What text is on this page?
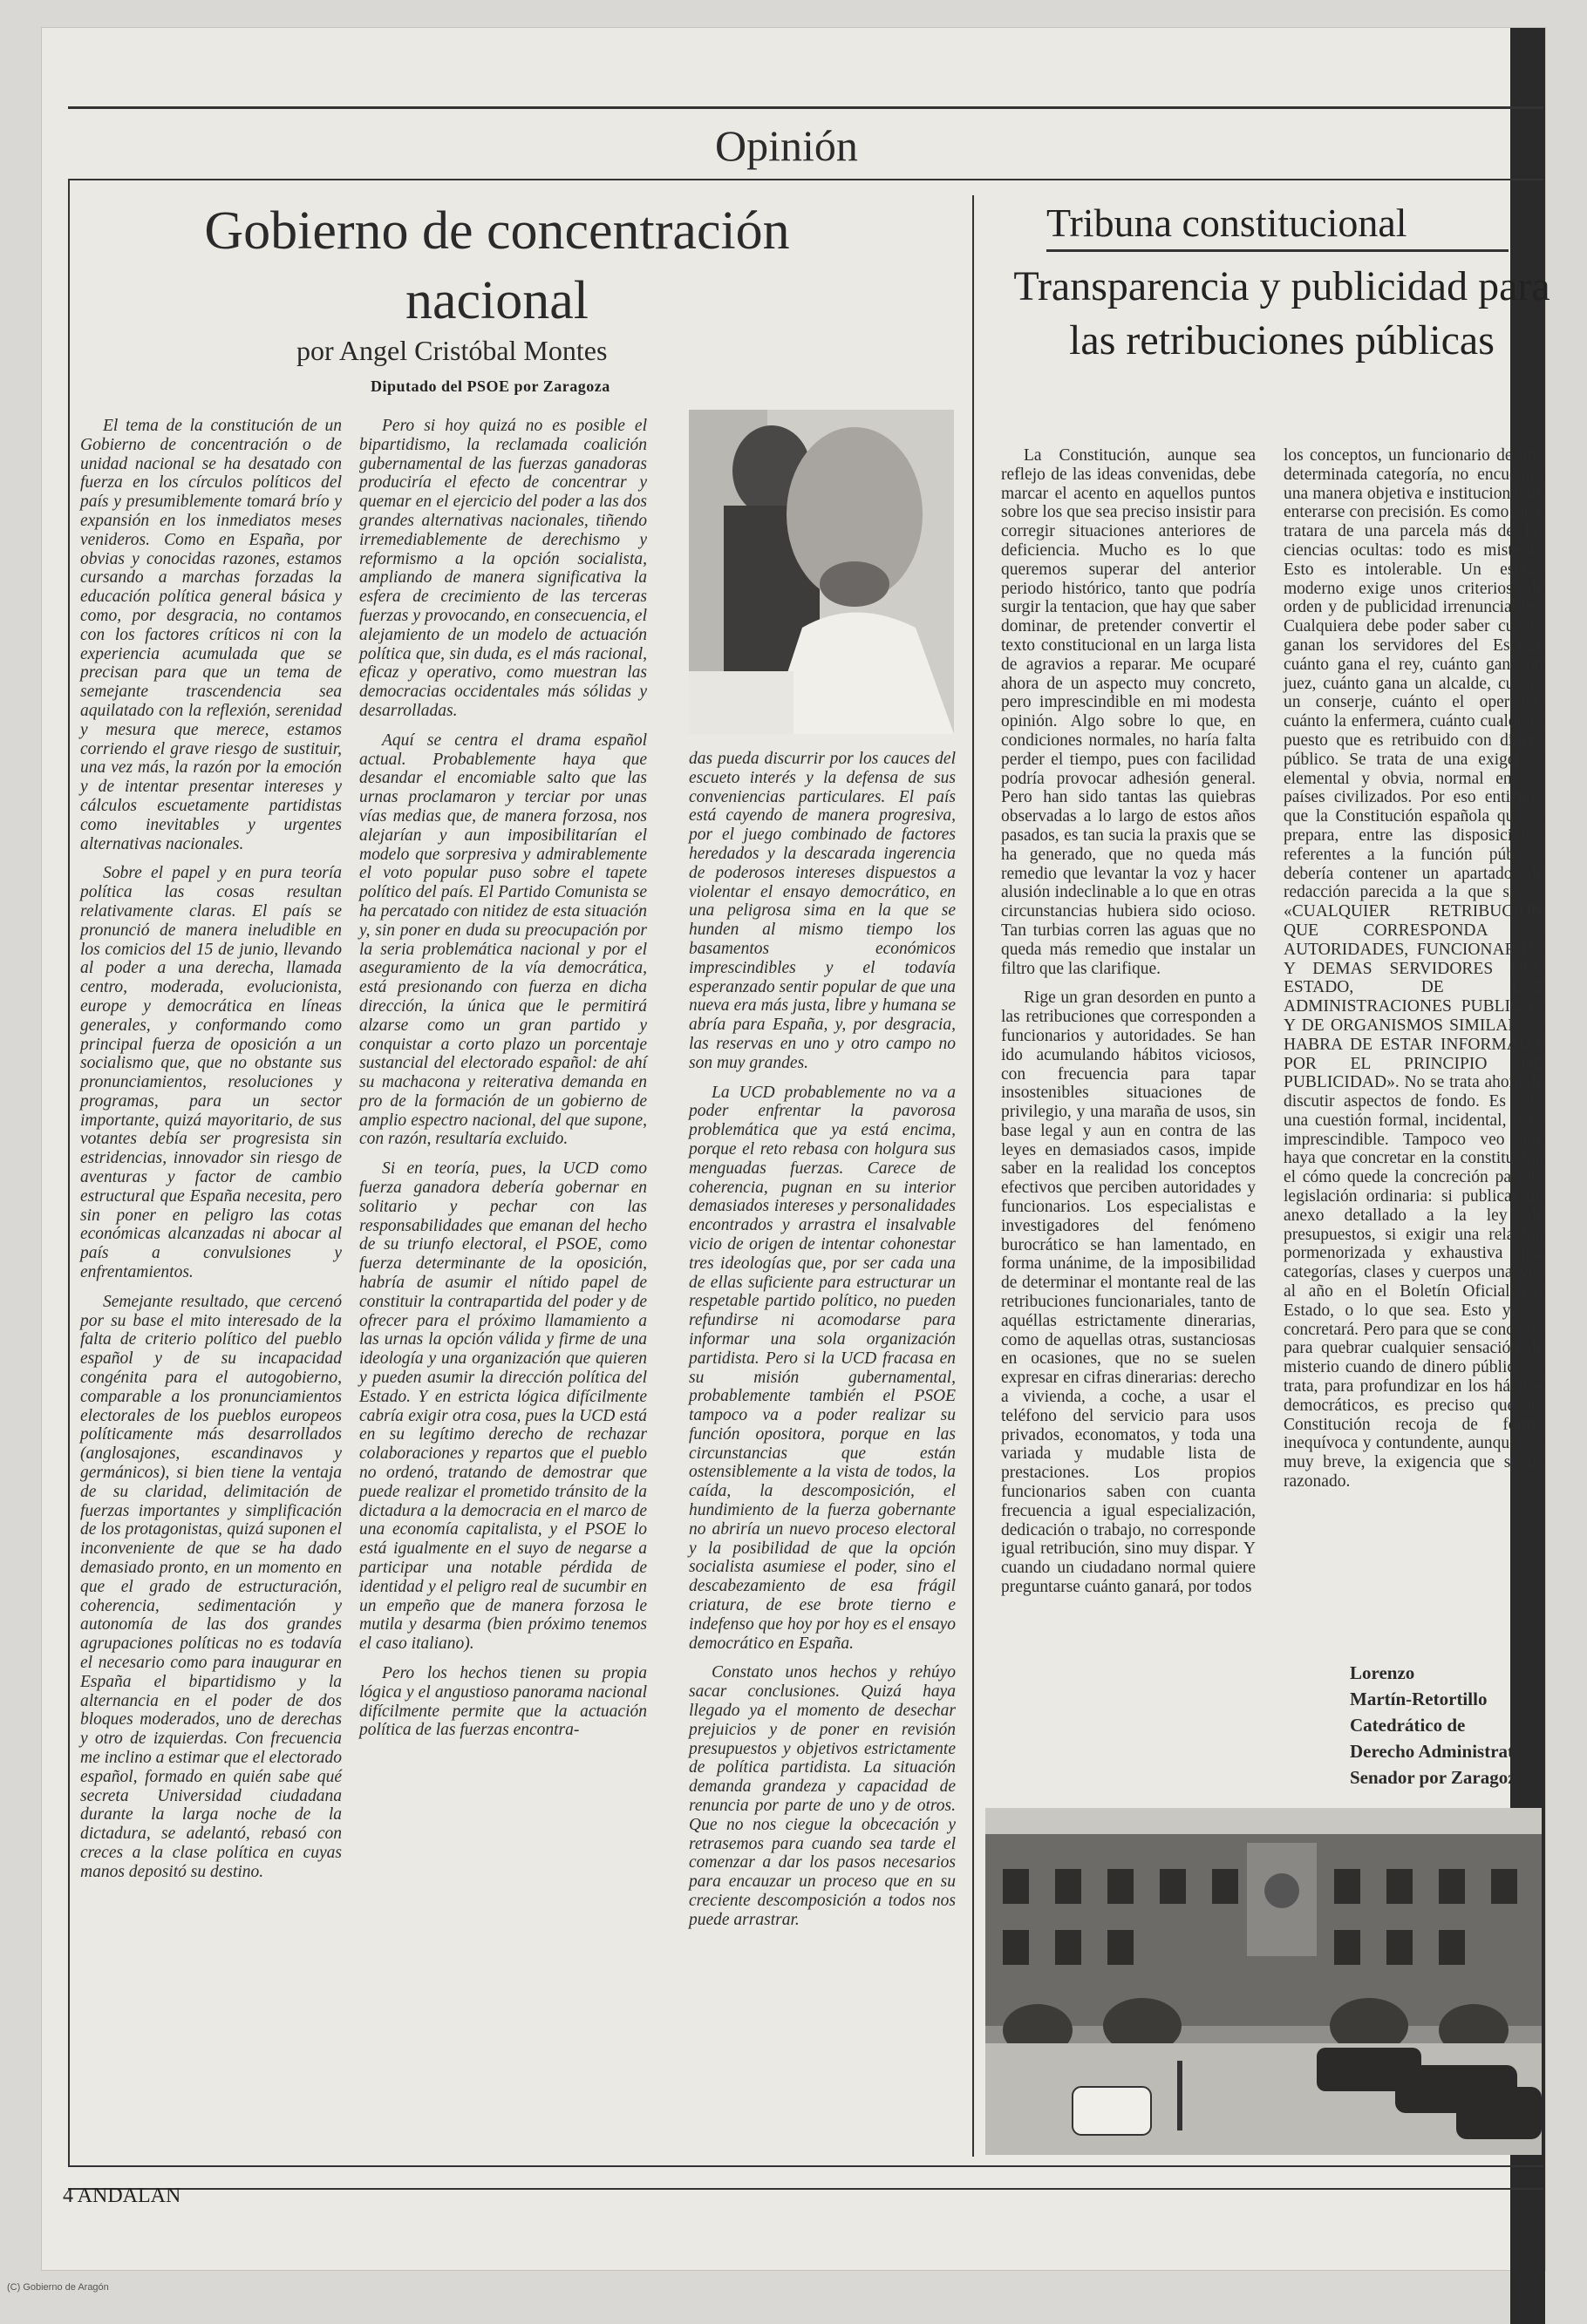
Opinión
Gobierno de concentración nacional
por Angel Cristóbal Montes
Diputado del PSOE por Zaragoza

El tema de la constitución de un Gobierno de concentración o de unidad nacional se ha desatado con fuerza en los círculos políticos del país y presumiblemente tomará brío y expansión en los inmediatos meses venideros. Como en España, por obvias y conocidas razones, estamos cursando a marchas forzadas la educación política general básica y como, por desgracia, no contamos con los factores críticos ni con la experiencia acumulada que se precisan para que un tema de semejante trascendencia sea aquilatado con la reflexión, serenidad y mesura que merece, estamos corriendo el grave riesgo de sustituir, una vez más, la razón por la emoción y de intentar presentar intereses y cálculos escuetamente partidistas como inevitables y urgentes alternativas nacionales.

Sobre el papel y en pura teoría política las cosas resultan relativamente claras. El país se pronunció de manera ineludible en los comicios del 15 de junio, llevando al poder a una derecha, llamada centro, moderada, evolucionista, europe y democrática en líneas generales, y conformando como principal fuerza de oposición a un socialismo que, que no obstante sus pronunciamientos, resoluciones y programas, para un sector importante, quizá mayoritario, de sus votantes debía ser progresista sin estridencias, innovador sin riesgo de aventuras y factor de cambio estructural que España necesita, pero sin poner en peligro las cotas económicas alcanzadas ni abocar al país a convulsiones y enfrentamientos.

Semejante resultado, que cercenó por su base el mito interesado de la falta de criterio político del pueblo español y de su incapacidad congénita para el autogobierno, comparable a los pronunciamientos electorales de los pueblos europeos políticamente más desarrollados (anglosajones, escandinavos y germánicos), si bien tiene la ventaja de su claridad, delimitación de fuerzas importantes y simplificación de los protagonistas, quizá suponen el inconveniente de que se ha dado demasiado pronto, en un momento en que el grado de estructuración, coherencia, sedimentación y autonomía de las dos grandes agrupaciones políticas no es todavía el necesario como para inaugurar en España el bipartidismo y la alternancia en el poder de dos bloques moderados, uno de derechas y otro de izquierdas. Con frecuencia me inclino a estimar que el electorado español, formado en quién sabe qué secreta Universidad ciudadana durante la larga noche de la dictadura, se adelantó, rebasó con creces a la clase política en cuyas manos depositó su destino.

Pero si hoy quizá no es posible el bipartidismo, la reclamada coalición gubernamental de las fuerzas ganadoras produciría el efecto de concentrar y quemar en el ejercicio del poder a las dos grandes alternativas nacionales, tiñendo irremediablemente de derechismo y reformismo a la opción socialista, ampliando de manera significativa la esfera de crecimiento de las terceras fuerzas y provocando, en consecuencia, el alejamiento de un modelo de actuación política que, sin duda, es el más racional, eficaz y operativo, como muestran las democracias occidentales más sólidas y desarrolladas.

Aquí se centra el drama español actual. Probablemente haya que desandar el encomiable salto que las urnas proclamaron y terciar por unas vías medias que, de manera forzosa, nos alejarían y aun imposibilitarían el modelo que sorpresiva y admirablemente el voto popular puso sobre el tapete político del país. El Partido Comunista se ha percatado con nitidez de esta situación y, sin poner en duda su preocupación por la seria problemática nacional y por el aseguramiento de la vía democrática, está presionando con fuerza en dicha dirección, la única que le permitirá alzarse como un gran partido y conquistar a corto plazo un porcentaje sustancial del electorado español: de ahí su machacona y reiterativa demanda en pro de la formación de un gobierno de amplio espectro nacional, del que supone, con razón, resultaría excluido.

Si en teoría, pues, la UCD como fuerza ganadora debería gobernar en solitario y pechar con las responsabilidades que emanan del hecho de su triunfo electoral, el PSOE, como fuerza determinante de la oposición, habría de asumir el nítido papel de constituir la contrapartida del poder y de ofrecer para el próximo llamamiento a las urnas la opción válida y firme de una ideología y una organización que quieren y pueden asumir la dirección política del Estado. Y en estricta lógica difícilmente cabría exigir otra cosa, pues la UCD está en su legítimo derecho de rechazar colaboraciones y repartos que el pueblo no ordenó, tratando de demostrar que puede realizar el prometido tránsito de la dictadura a la democracia en el marco de una economía capitalista, y el PSOE lo está igualmente en el suyo de negarse a participar una notable pérdida de identidad y el peligro real de sucumbir en un empeño que de manera forzosa le mutila y desarma (bien próximo tenemos el caso italiano).

Pero los hechos tienen su propia lógica y el angustioso panorama nacional difícilmente permite que la actuación política de las fuerzas encontra-

das pueda discurrir por los cauces del escueto interés y la defensa de sus conveniencias particulares. El país está cayendo de manera progresiva, por el juego combinado de factores heredados y la descarada ingerencia de poderosos intereses dispuestos a violentar el ensayo democrático, en una peligrosa sima en la que se hunden al mismo tiempo los basamentos económicos imprescindibles y el todavía esperanzado sentir popular de que una nueva era más justa, libre y humana se abría para España, y, por desgracia, las reservas en uno y otro campo no son muy grandes.

La UCD probablemente no va a poder enfrentar la pavorosa problemática que ya está encima, porque el reto rebasa con holgura sus menguadas fuerzas. Carece de coherencia, pugnan en su interior demasiados intereses y personalidades encontrados y arrastra el insalvable vicio de origen de intentar cohonestar tres ideologías que, por ser cada una de ellas suficiente para estructurar un respetable partido político, no pueden refundirse ni acomodarse para informar una sola organización partidista. Pero si la UCD fracasa en su misión gubernamental, probablemente también el PSOE tampoco va a poder realizar su función opositora, porque en las circunstancias que están ostensiblemente a la vista de todos, la caída, la descomposición, el hundimiento de la fuerza gobernante no abriría un nuevo proceso electoral y la posibilidad de que la opción socialista asumiese el poder, sino el descabezamiento de esa frágil criatura, de ese brote tierno e indefenso que hoy por hoy es el ensayo democrático en España.

Constato unos hechos y rehúyo sacar conclusiones. Quizá haya llegado ya el momento de desechar prejuicios y de poner en revisión presupuestos y objetivos estrictamente de política partidista. La situación demanda grandeza y capacidad de renuncia por parte de uno y de otros. Que no nos ciegue la obcecación y retrasemos para cuando sea tarde el comenzar a dar los pasos necesarios para encauzar un proceso que en su creciente descomposición a todos nos puede arrastrar.

Tribuna constitucional
Transparencia y publicidad para las retribuciones públicas

La Constitución, aunque sea reflejo de las ideas convenidas, debe marcar el acento en aquellos puntos sobre los que sea preciso insistir para corregir situaciones anteriores de deficiencia. Mucho es lo que queremos superar del anterior periodo histórico, tanto que podría surgir la tentacion, que hay que saber dominar, de pretender convertir el texto constitucional en un larga lista de agravios a reparar. Me ocuparé ahora de un aspecto muy concreto, pero imprescindible en mi modesta opinión. Algo sobre lo que, en condiciones normales, no haría falta perder el tiempo, pues con facilidad podría provocar adhesión general. Pero han sido tantas las quiebras observadas a lo largo de estos años pasados, es tan sucia la praxis que se ha generado, que no queda más remedio que levantar la voz y hacer alusión indeclinable a lo que en otras circunstancias hubiera sido ocioso. Tan turbias corren las aguas que no queda más remedio que instalar un filtro que las clarifique.

Rige un gran desorden en punto a las retribuciones que corresponden a funcionarios y autoridades. Se han ido acumulando hábitos viciosos, con frecuencia para tapar insostenibles situaciones de privilegio, y una maraña de usos, sin base legal y aun en contra de las leyes en demasiados casos, impide saber en la realidad los conceptos efectivos que perciben autoridades y funcionarios. Los especialistas e investigadores del fenómeno burocrático se han lamentado, en forma unánime, de la imposibilidad de determinar el montante real de las retribuciones funcionariales, tanto de aquéllas estrictamente dinerarias, como de aquellas otras, sustanciosas en ocasiones, que no se suelen expresar en cifras dinerarias: derecho a vivienda, a coche, a usar el teléfono del servicio para usos privados, economatos, y toda una variada y mudable lista de prestaciones. Los propios funcionarios saben con cuanta frecuencia a igual especialización, dedicación o trabajo, no corresponde igual retribución, sino muy dispar. Y cuando un ciudadano normal quiere preguntarse cuánto ganará, por todos

los conceptos, un funcionario de una determinada categoría, no encuentra una manera objetiva e institucional de enterarse con precisión. Es como si se tratara de una parcela más de las ciencias ocultas: todo es misterio. Esto es intolerable. Un estado moderno exige unos criterios de orden y de publicidad irrenunciables. Cualquiera debe poder saber cuánto ganan los servidores del Estado, cuánto gana el rey, cuánto gana un juez, cuánto gana un alcalde, cuánto un conserje, cuánto el operador, cuánto la enfermera, cuánto cualquier puesto que es retribuido con dinero público. Se trata de una exigencia elemental y obvia, normal en los países civilizados. Por eso entiendo que la Constitución española que se prepara, entre las disposiciones referentes a la función pública, debería contener un apartado de redacción parecida a la que sigue: «CUALQUIER RETRIBUCION QUE CORRESPONDA A AUTORIDADES, FUNCIONARIOS Y DEMAS SERVIDORES DEL ESTADO, DE LAS ADMINISTRACIONES PUBLICAS Y DE ORGANISMOS SIMILARES, HABRA DE ESTAR INFORMADA POR EL PRINCIPIO DE PUBLICIDAD». No se trata ahora de discutir aspectos de fondo. Es sólo una cuestión formal, incidental, pero imprescindible. Tampoco veo que haya que concretar en la constitución el cómo quede la concreción para la legislación ordinaria: si publicar un anexo detallado a la ley de presupuestos, si exigir una relación pormenorizada y exhaustiva por categorías, clases y cuerpos una vez al año en el Boletín Oficial del Estado, o lo que sea. Esto ya se concretará. Pero para que se concrete, para quebrar cualquier sensación de misterio cuando de dinero público se trata, para profundizar en los hábitos democráticos, es preciso que la Constitución recoja de forma inequívoca y contundente, aunque sea muy breve, la exigencia que se ha razonado.

Lorenzo
Martín-Retortillo
Catedrático de
Derecho Administrativo
Senador por Zaragoza
4 ANDALAN
(C) Gobierno de Aragón
